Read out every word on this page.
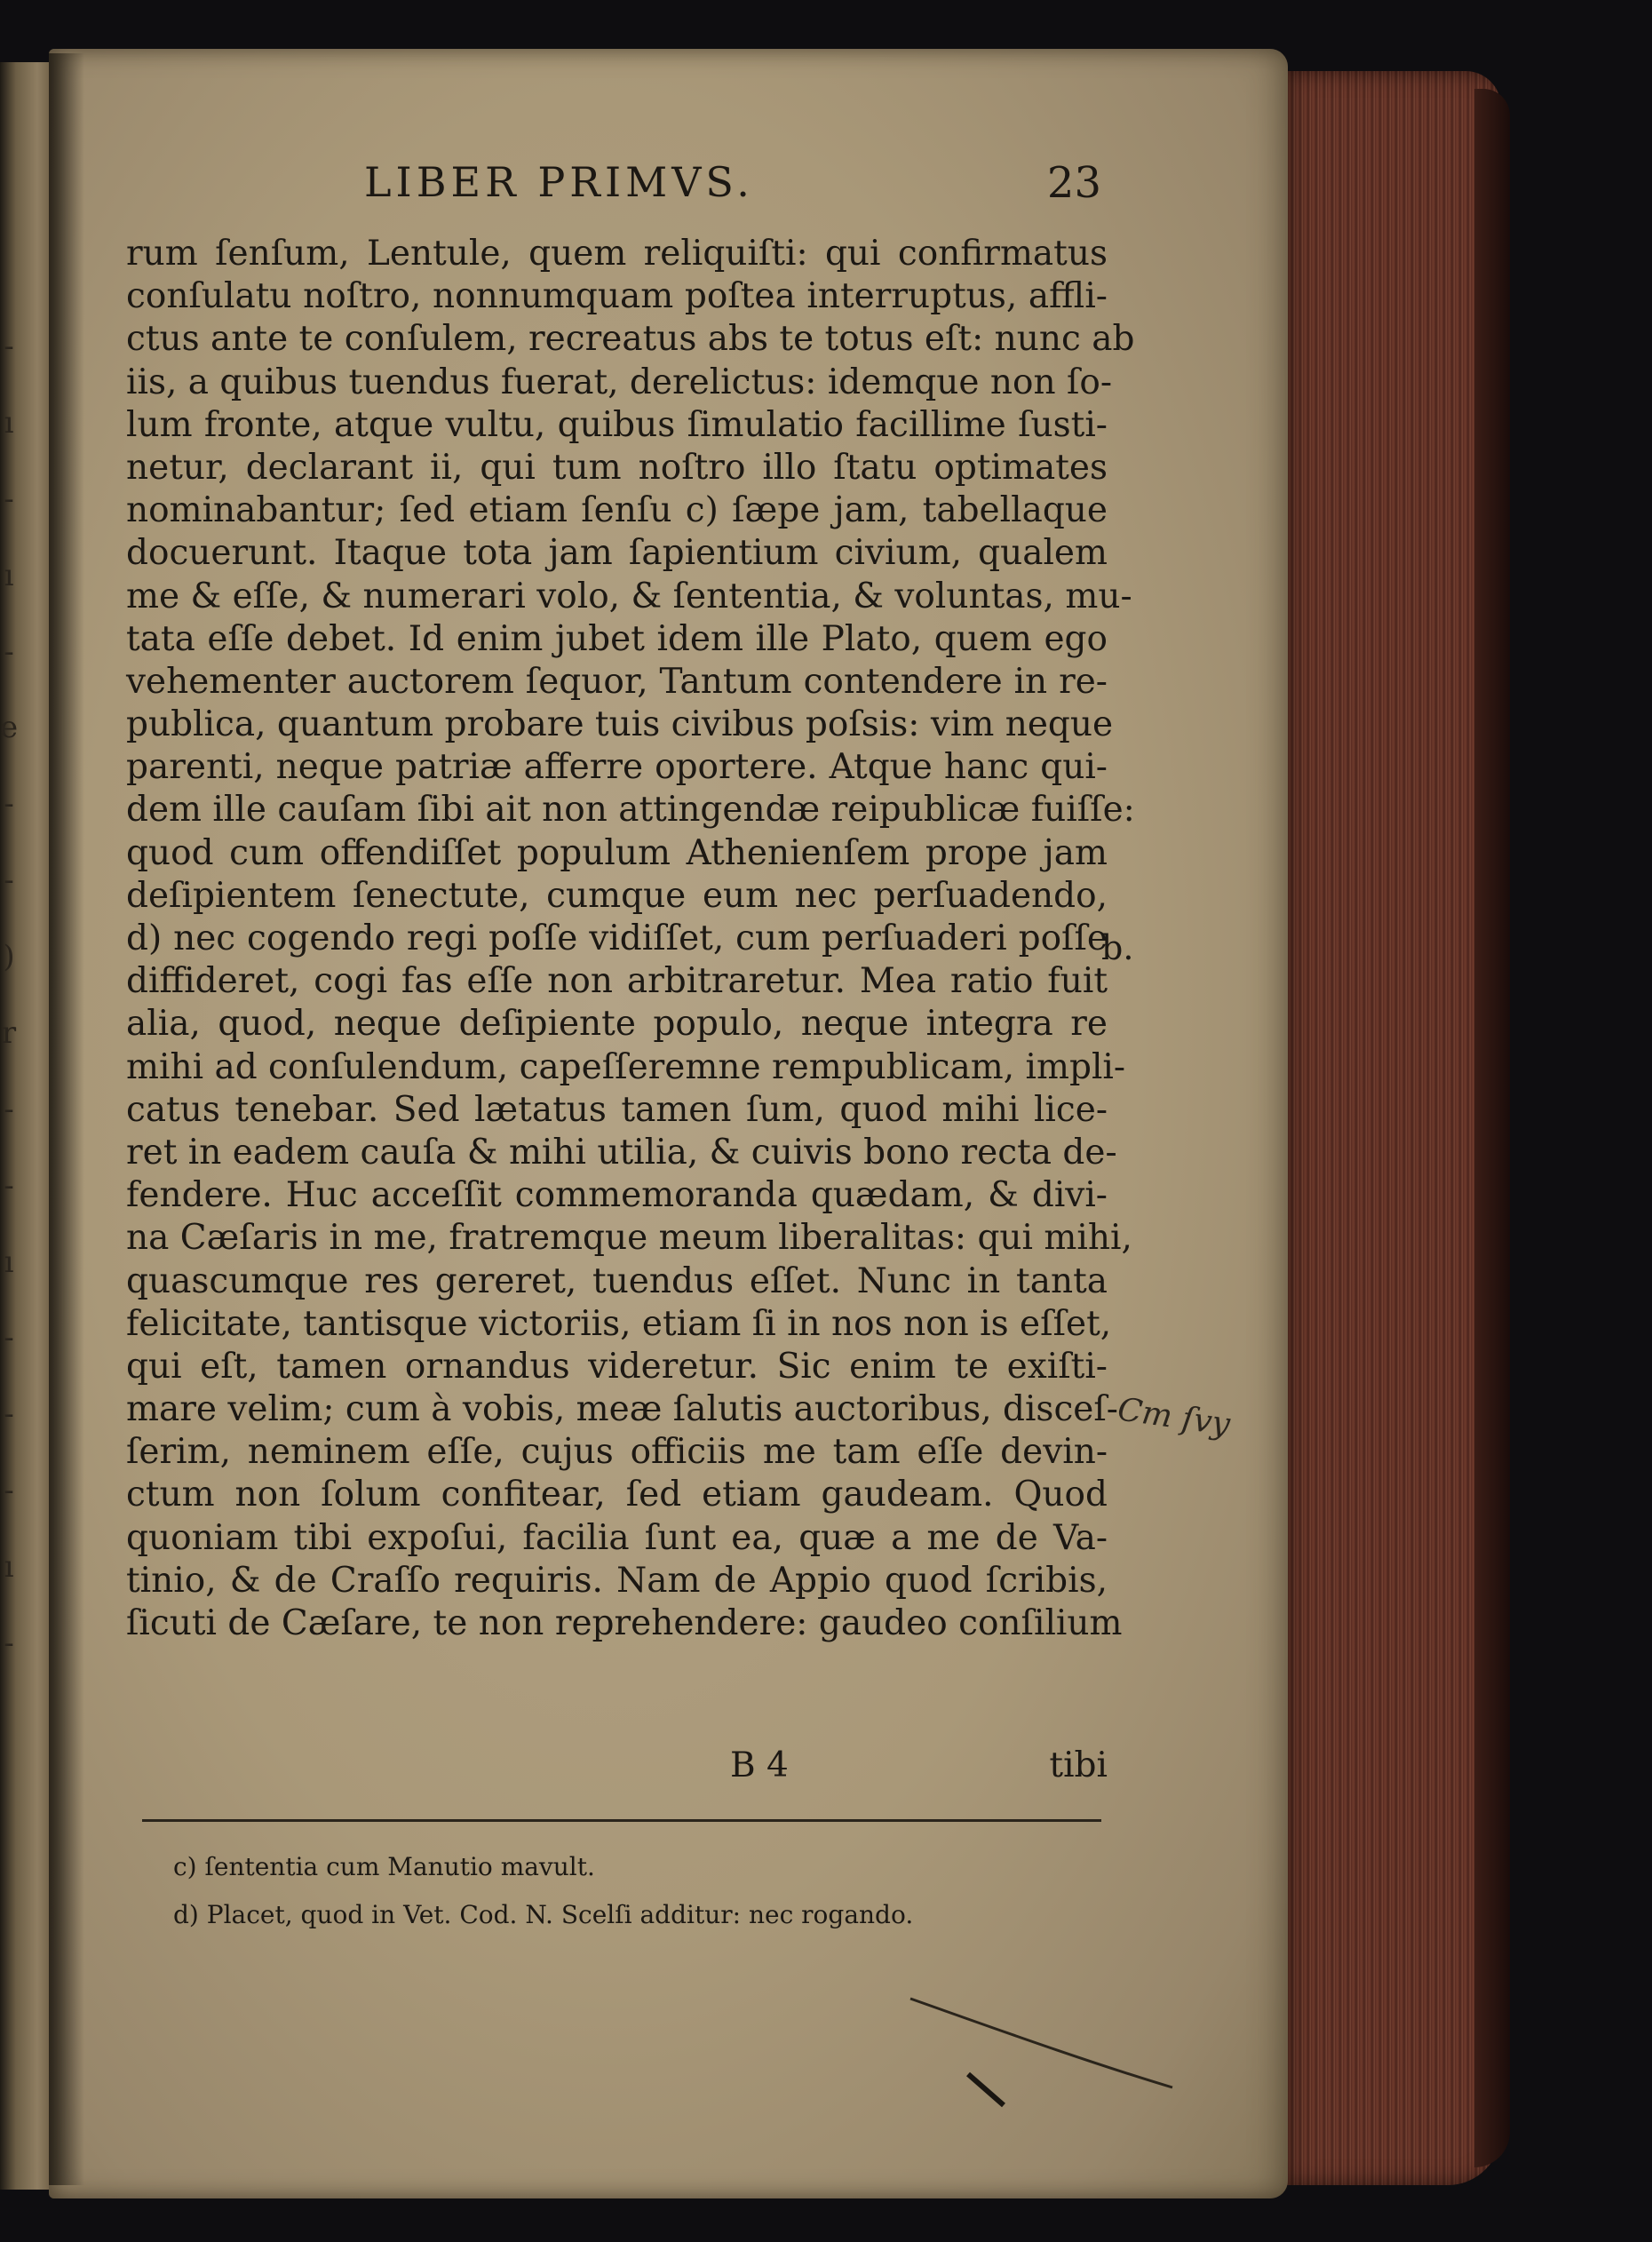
-
ı
-
ı
-
e
-
-
)
r
-
-
ı
-
-
-
ı
-
LIBER PRIMVS.	23
rum ſenſum, Lentule, quem reliquiſti: qui confirmatus
conſulatu noſtro, nonnumquam poſtea interruptus, affli-
ctus ante te conſulem, recreatus abs te totus eſt: nunc ab
iis, a quibus tuendus fuerat, derelictus: idemque non ſo-
lum fronte, atque vultu, quibus ſimulatio facillime ſusti-
netur, declarant ii, qui tum noſtro illo ſtatu optimates
nominabantur; ſed etiam ſenſu c) ſæpe jam, tabellaque
docuerunt. Itaque tota jam ſapientium civium, qualem
me & eſſe, & numerari volo, & ſententia, & voluntas, mu-
tata eſſe debet. Id enim jubet idem ille Plato, quem ego
vehementer auctorem ſequor, Tantum contendere in re-
publica, quantum probare tuis civibus poſsis: vim neque
parenti, neque patriæ afferre oportere. Atque hanc qui-
dem ille cauſam ſibi ait non attingendæ reipublicæ fuiſſe:
quod cum offendiſſet populum Athenienſem prope jam
deſipientem ſenectute, cumque eum nec perſuadendo,
d) nec cogendo regi poſſe vidiſſet, cum perſuaderi poſſe
diffideret, cogi fas eſſe non arbitraretur. Mea ratio fuit
alia, quod, neque deſipiente populo, neque integra re
mihi ad conſulendum, capeſſeremne rempublicam, impli-
catus tenebar. Sed lætatus tamen ſum, quod mihi lice-
ret in eadem cauſa & mihi utilia, & cuivis bono recta de-
fendere. Huc acceſſit commemoranda quædam, & divi-
na Cæſaris in me, fratremque meum liberalitas: qui mihi,
quascumque res gereret, tuendus eſſet. Nunc in tanta
felicitate, tantisque victoriis, etiam ſi in nos non is eſſet,
qui eſt, tamen ornandus videretur. Sic enim te exiſti-
mare velim; cum à vobis, meæ ſalutis auctoribus, disceſ-
ſerim, neminem eſſe, cujus officiis me tam eſſe devin-
ctum non ſolum confitear, ſed etiam gaudeam. Quod
quoniam tibi expoſui, facilia ſunt ea, quæ a me de Va-
tinio, & de Craſſo requiris. Nam de Appio quod ſcribis,
ſicuti de Cæſare, te non reprehendere: gaudeo conſilium
b.
B 4	tibi
c) ſententia cum Manutio mavult.
d) Placet, quod in Vet. Cod. N. Scelſi additur: nec rogando.
Cm ſvy
